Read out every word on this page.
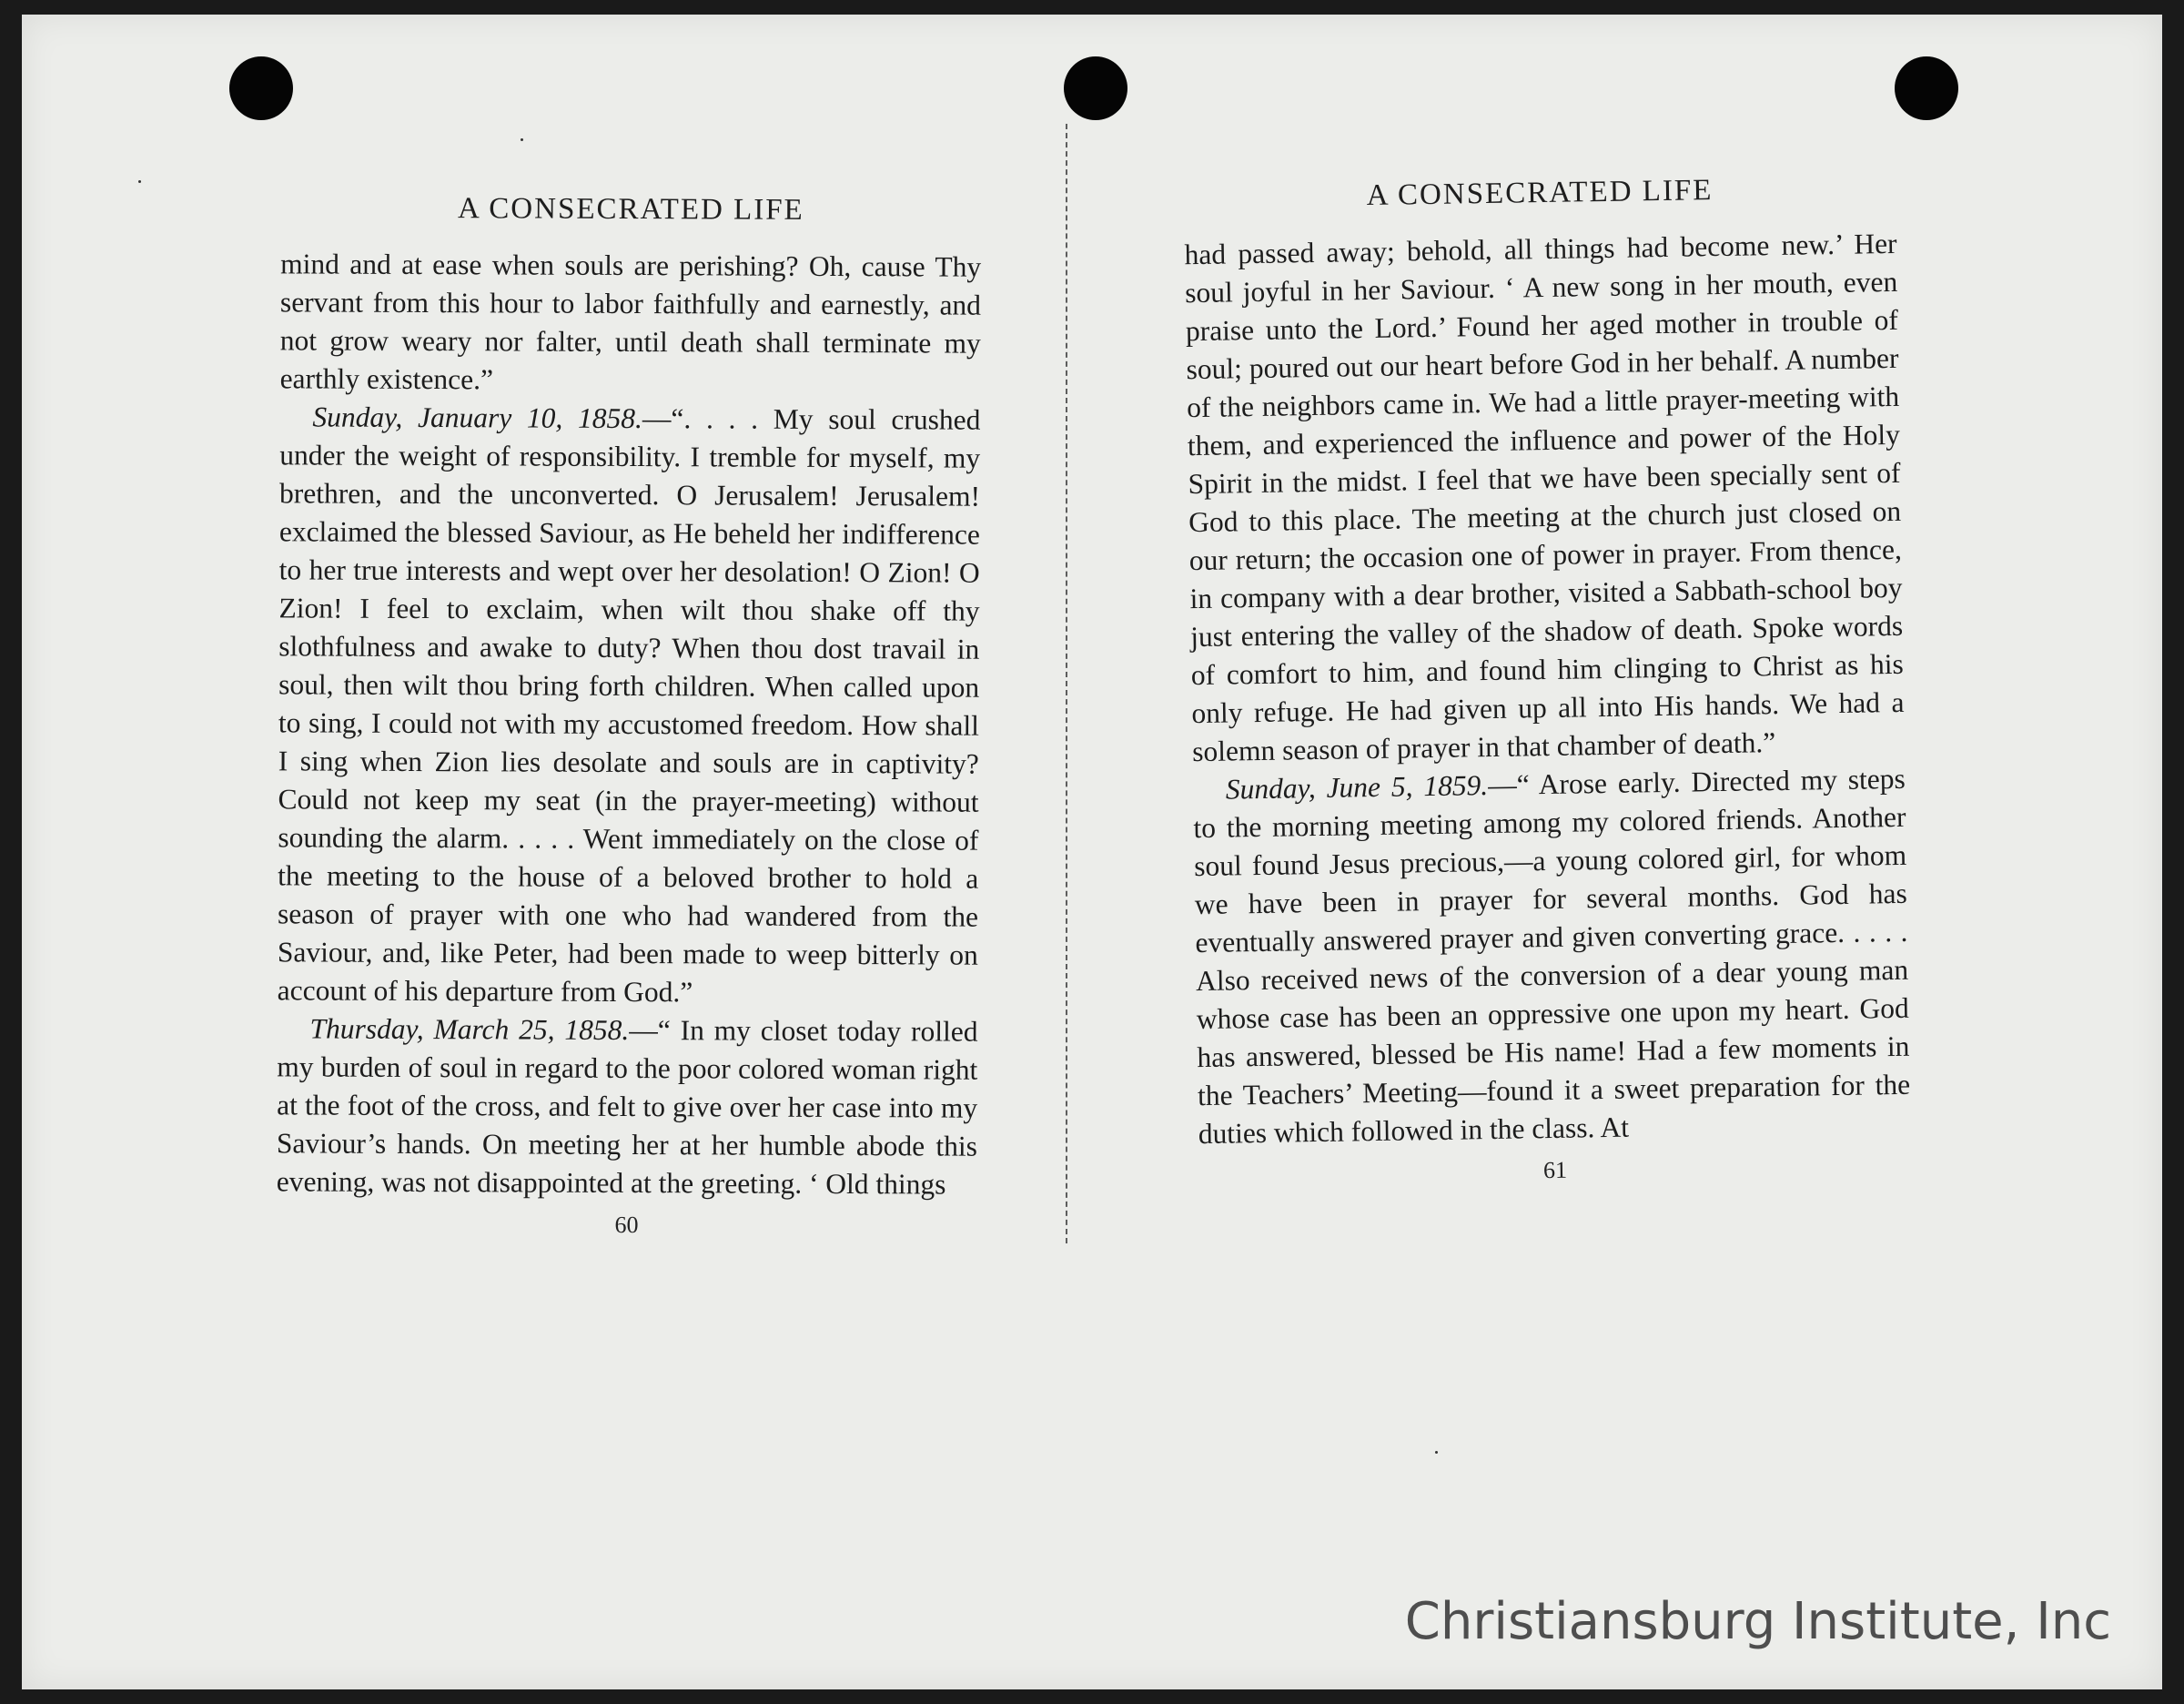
A CONSECRATED LIFE

mind and at ease when souls are perishing? Oh, cause Thy servant from this hour to labor faithfully and earnestly, and not grow weary nor falter, until death shall terminate my earthly existence.”

Sunday, January 10, 1858.—“. . . . My soul crushed under the weight of responsibility. I tremble for myself, my brethren, and the unconverted. O Jerusalem! Jerusalem! exclaimed the blessed Saviour, as He beheld her indifference to her true interests and wept over her desolation! O Zion! O Zion! I feel to exclaim, when wilt thou shake off thy slothfulness and awake to duty? When thou dost travail in soul, then wilt thou bring forth children. When called upon to sing, I could not with my accustomed freedom. How shall I sing when Zion lies desolate and souls are in captivity? Could not keep my seat (in the prayer-meeting) without sounding the alarm. . . . . Went immediately on the close of the meeting to the house of a beloved brother to hold a season of prayer with one who had wandered from the Saviour, and, like Peter, had been made to weep bitterly on account of his departure from God.”

Thursday, March 25, 1858.—“ In my closet today rolled my burden of soul in regard to the poor colored woman right at the foot of the cross, and felt to give over her case into my Saviour’s hands. On meeting her at her humble abode this evening, was not disappointed at the greeting. ‘ Old things

60
A CONSECRATED LIFE

had passed away; behold, all things had become new.’ Her soul joyful in her Saviour. ‘ A new song in her mouth, even praise unto the Lord.’ Found her aged mother in trouble of soul; poured out our heart before God in her behalf. A number of the neighbors came in. We had a little prayer-meeting with them, and experienced the influence and power of the Holy Spirit in the midst. I feel that we have been specially sent of God to this place. The meeting at the church just closed on our return; the occasion one of power in prayer. From thence, in company with a dear brother, visited a Sabbath-school boy just entering the valley of the shadow of death. Spoke words of comfort to him, and found him clinging to Christ as his only refuge. He had given up all into His hands. We had a solemn season of prayer in that chamber of death.”

Sunday, June 5, 1859.—“ Arose early. Directed my steps to the morning meeting among my colored friends. Another soul found Jesus precious,—a young colored girl, for whom we have been in prayer for several months. God has eventually answered prayer and given converting grace. . . . . Also received news of the conversion of a dear young man whose case has been an oppressive one upon my heart. God has answered, blessed be His name! Had a few moments in the Teachers’ Meeting—found it a sweet preparation for the duties which followed in the class. At

61
Christiansburg Institute, Inc
